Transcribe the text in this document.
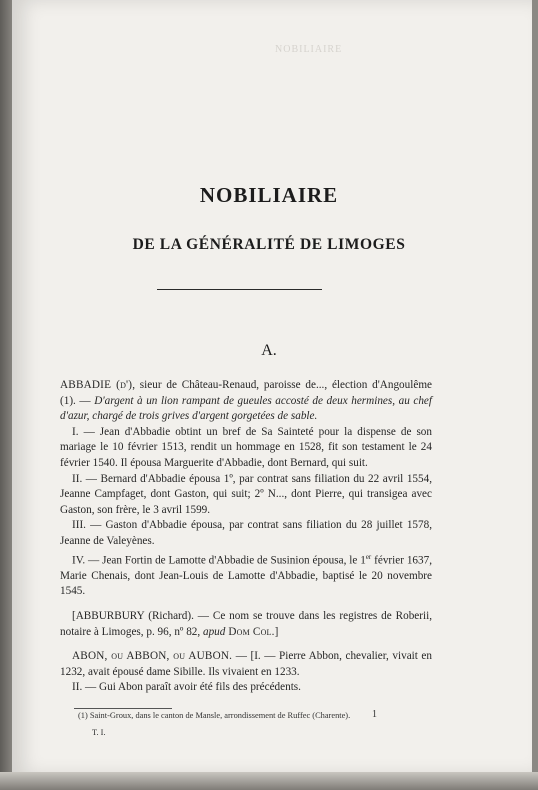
NOBILIAIRE
NOBILIAIRE
DE LA GÉNÉRALITÉ DE LIMOGES
A.

ABBADIE (d'), sieur de Château-Renaud, paroisse de..., élection d'Angoulême (1). — D'argent à un lion rampant de gueules accosté de deux hermines, au chef d'azur, chargé de trois grives d'argent gorgetées de sable.

I. — Jean d'Abbadie obtint un bref de Sa Sainteté pour la dispense de son mariage le 10 février 1513, rendit un hommage en 1528, fit son testament le 24 février 1540. Il épousa Marguerite d'Abbadie, dont Bernard, qui suit.

II. — Bernard d'Abbadie épousa 1º, par contrat sans filiation du 22 avril 1554, Jeanne Campfaget, dont Gaston, qui suit; 2º N..., dont Pierre, qui transigea avec Gaston, son frère, le 3 avril 1599.

III. — Gaston d'Abbadie épousa, par contrat sans filiation du 28 juillet 1578, Jeanne de Valeyènes.

IV. — Jean Fortin de Lamotte d'Abbadie de Susinion épousa, le 1er février 1637, Marie Chenais, dont Jean-Louis de Lamotte d'Abbadie, baptisé le 20 novembre 1545.

[ABBURBURY (Richard). — Ce nom se trouve dans les registres de Roberii, notaire à Limoges, p. 96, nº 82, apud Dom Col.]

ABON, ou ABBON, ou AUBON. — [I. — Pierre Abbon, chevalier, vivait en 1232, avait épousé dame Sibille. Ils vivaient en 1233.

II. — Gui Abon paraît avoir été fils des précédents.

(1) Saint-Groux, dans le canton de Mansle, arrondissement de Ruffec (Charente).	1
T. I.
